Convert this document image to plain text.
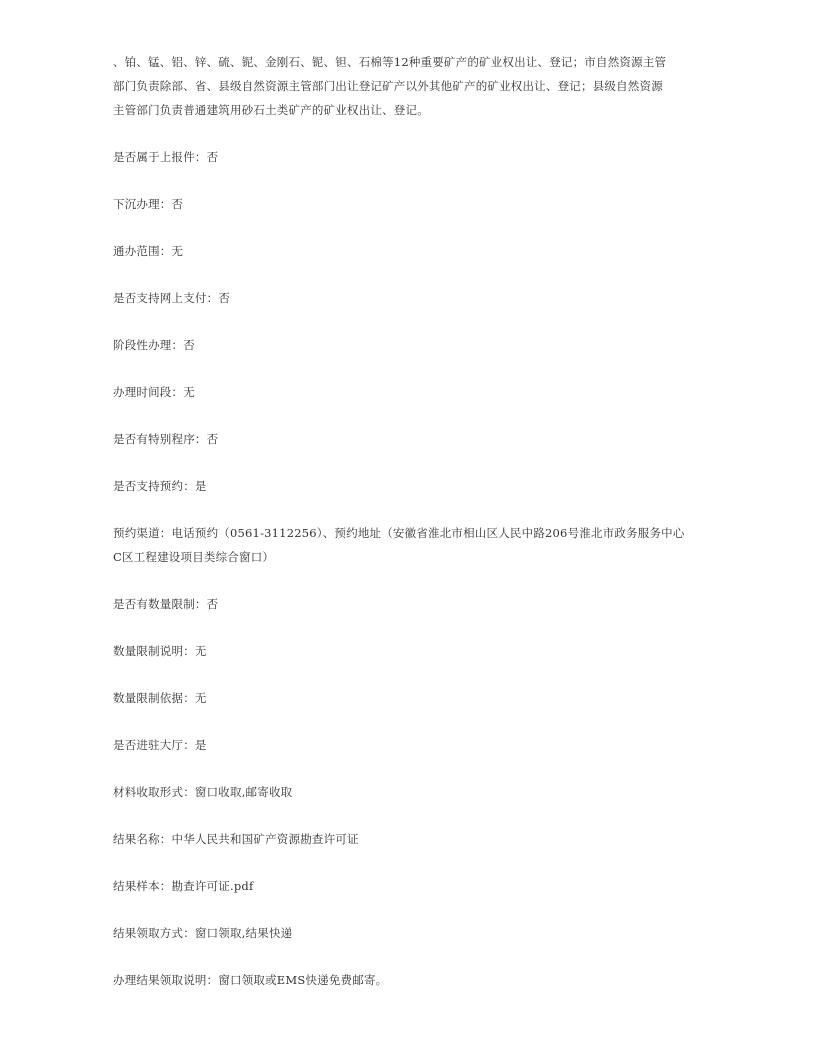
、铂、锰、铝、锌、硫、铌、金刚石、铌、钽、石棉等12种重要矿产的矿业权出让、登记；市自然资源主管
部门负责除部、省、县级自然资源主管部门出让登记矿产以外其他矿产的矿业权出让、登记；县级自然资源
主管部门负责普通建筑用砂石土类矿产的矿业权出让、登记。
是否属于上报件：否
下沉办理：否
通办范围：无
是否支持网上支付：否
阶段性办理：否
办理时间段：无
是否有特别程序：否
是否支持预约：是
预约渠道：电话预约（0561-3112256）、预约地址（安徽省淮北市相山区人民中路206号淮北市政务服务中心
C区工程建设项目类综合窗口）
是否有数量限制：否
数量限制说明：无
数量限制依据：无
是否进驻大厅：是
材料收取形式：窗口收取,邮寄收取
结果名称：中华人民共和国矿产资源勘查许可证
结果样本：勘查许可证.pdf
结果领取方式：窗口领取,结果快递
办理结果领取说明：窗口领取或EMS快递免费邮寄。
